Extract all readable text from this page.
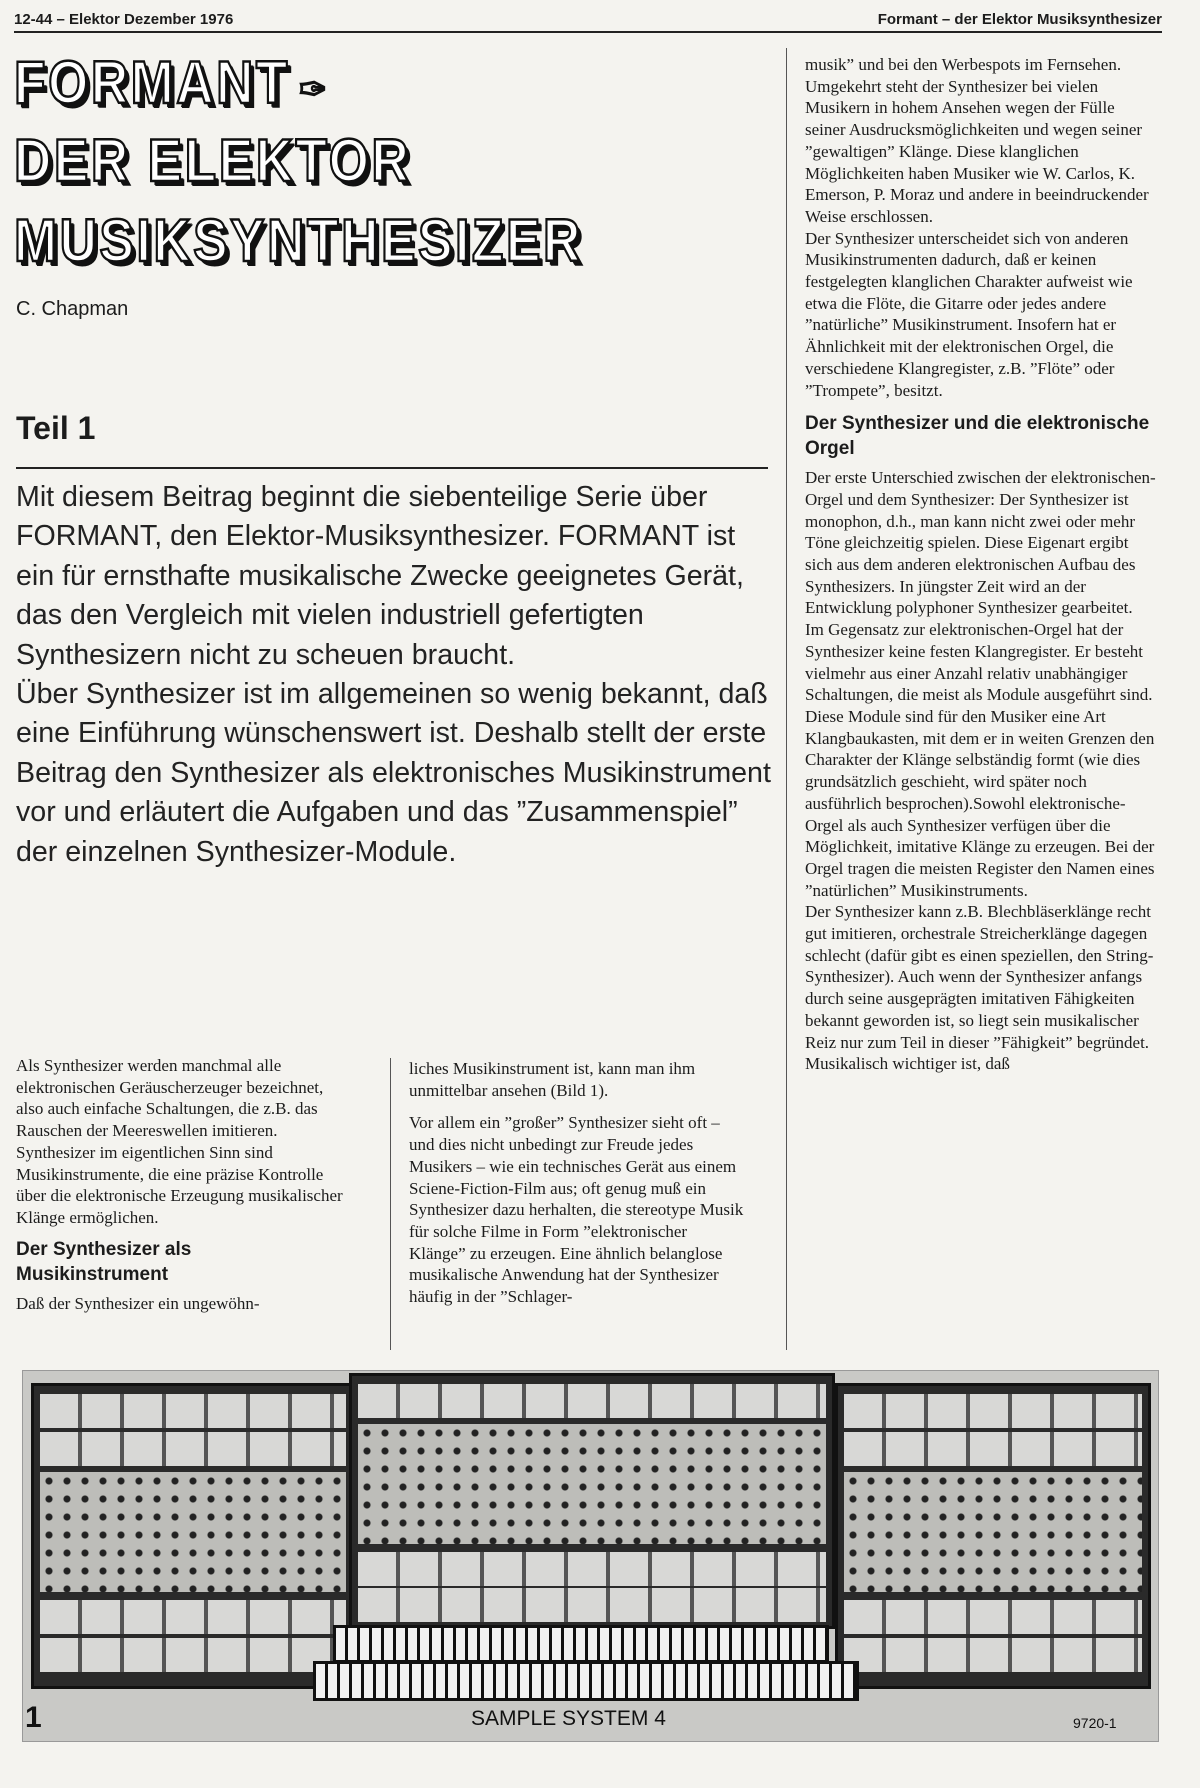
12-44 – Elektor Dezember 1976	Formant – der Elektor Musiksynthesizer
FORMANT ✑
DER ELEKTOR
MUSIKSYNTHESIZER
C. Chapman
Teil 1

Mit diesem Beitrag beginnt die siebenteilige Serie über FORMANT, den Elektor-Musiksynthesizer. FORMANT ist ein für ernsthafte musikalische Zwecke geeignetes Gerät, das den Vergleich mit vielen industriell gefertigten Synthesizern nicht zu scheuen braucht.

Über Synthesizer ist im allgemeinen so wenig bekannt, daß eine Einführung wünschenswert ist. Deshalb stellt der erste Beitrag den Synthesizer als elektronisches Musikinstrument vor und erläutert die Aufgaben und das ”Zusammenspiel” der einzelnen Synthesizer-Module.

Als Synthesizer werden manchmal alle elektronischen Geräuscherzeuger bezeichnet, also auch einfache Schaltungen, die z.B. das Rauschen der Meereswellen imitieren. Synthesizer im eigentlichen Sinn sind Musikinstrumente, die eine präzise Kontrolle über die elektronische Erzeugung musikalischer Klänge ermöglichen.

Der Synthesizer als Musikinstrument

Daß der Synthesizer ein ungewöhn-

liches Musikinstrument ist, kann man ihm unmittelbar ansehen (Bild 1).

Vor allem ein ”großer” Synthesizer sieht oft – und dies nicht unbedingt zur Freude jedes Musikers – wie ein technisches Gerät aus einem Sciene-Fiction-Film aus; oft genug muß ein Synthesizer dazu herhalten, die stereotype Musik für solche Filme in Form ”elektronischer Klänge” zu erzeugen. Eine ähnlich belanglose musikalische Anwendung hat der Synthesizer häufig in der ”Schlager-

musik” und bei den Werbespots im Fernsehen.

Umgekehrt steht der Synthesizer bei vielen Musikern in hohem Ansehen wegen der Fülle seiner Ausdrucksmöglichkeiten und wegen seiner ”gewaltigen” Klänge. Diese klanglichen Möglichkeiten haben Musiker wie W. Carlos, K. Emerson, P. Moraz und andere in beeindruckender Weise erschlossen.

Der Synthesizer unterscheidet sich von anderen Musikinstrumenten dadurch, daß er keinen festgelegten klanglichen Charakter aufweist wie etwa die Flöte, die Gitarre oder jedes andere ”natürliche” Musikinstrument. Insofern hat er Ähnlichkeit mit der elektronischen Orgel, die verschiedene Klangregister, z.B. ”Flöte” oder ”Trompete”, besitzt.

Der Synthesizer und die elektronische Orgel

Der erste Unterschied zwischen der elektronischen-Orgel und dem Synthesizer: Der Synthesizer ist monophon, d.h., man kann nicht zwei oder mehr Töne gleichzeitig spielen. Diese Eigenart ergibt sich aus dem anderen elektronischen Aufbau des Synthesizers. In jüngster Zeit wird an der Entwicklung polyphoner Synthesizer gearbeitet.

Im Gegensatz zur elektronischen-Orgel hat der Synthesizer keine festen Klangregister. Er besteht vielmehr aus einer Anzahl relativ unabhängiger Schaltungen, die meist als Module ausgeführt sind. Diese Module sind für den Musiker eine Art Klangbaukasten, mit dem er in weiten Grenzen den Charakter der Klänge selbständig formt (wie dies grundsätzlich geschieht, wird später noch ausführlich besprochen).Sowohl elektronische-Orgel als auch Synthesizer verfügen über die Möglichkeit, imitative Klänge zu erzeugen. Bei der Orgel tragen die meisten Register den Namen eines ”natürlichen” Musikinstruments.

Der Synthesizer kann z.B. Blechbläserklänge recht gut imitieren, orchestrale Streicherklänge dagegen schlecht (dafür gibt es einen speziellen, den String-Synthesizer). Auch wenn der Synthesizer anfangs durch seine ausgeprägten imitativen Fähigkeiten bekannt geworden ist, so liegt sein musikalischer Reiz nur zum Teil in dieser ”Fähigkeit” begründet. Musikalisch wichtiger ist, daß

1	SAMPLE SYSTEM 4	9720-1
